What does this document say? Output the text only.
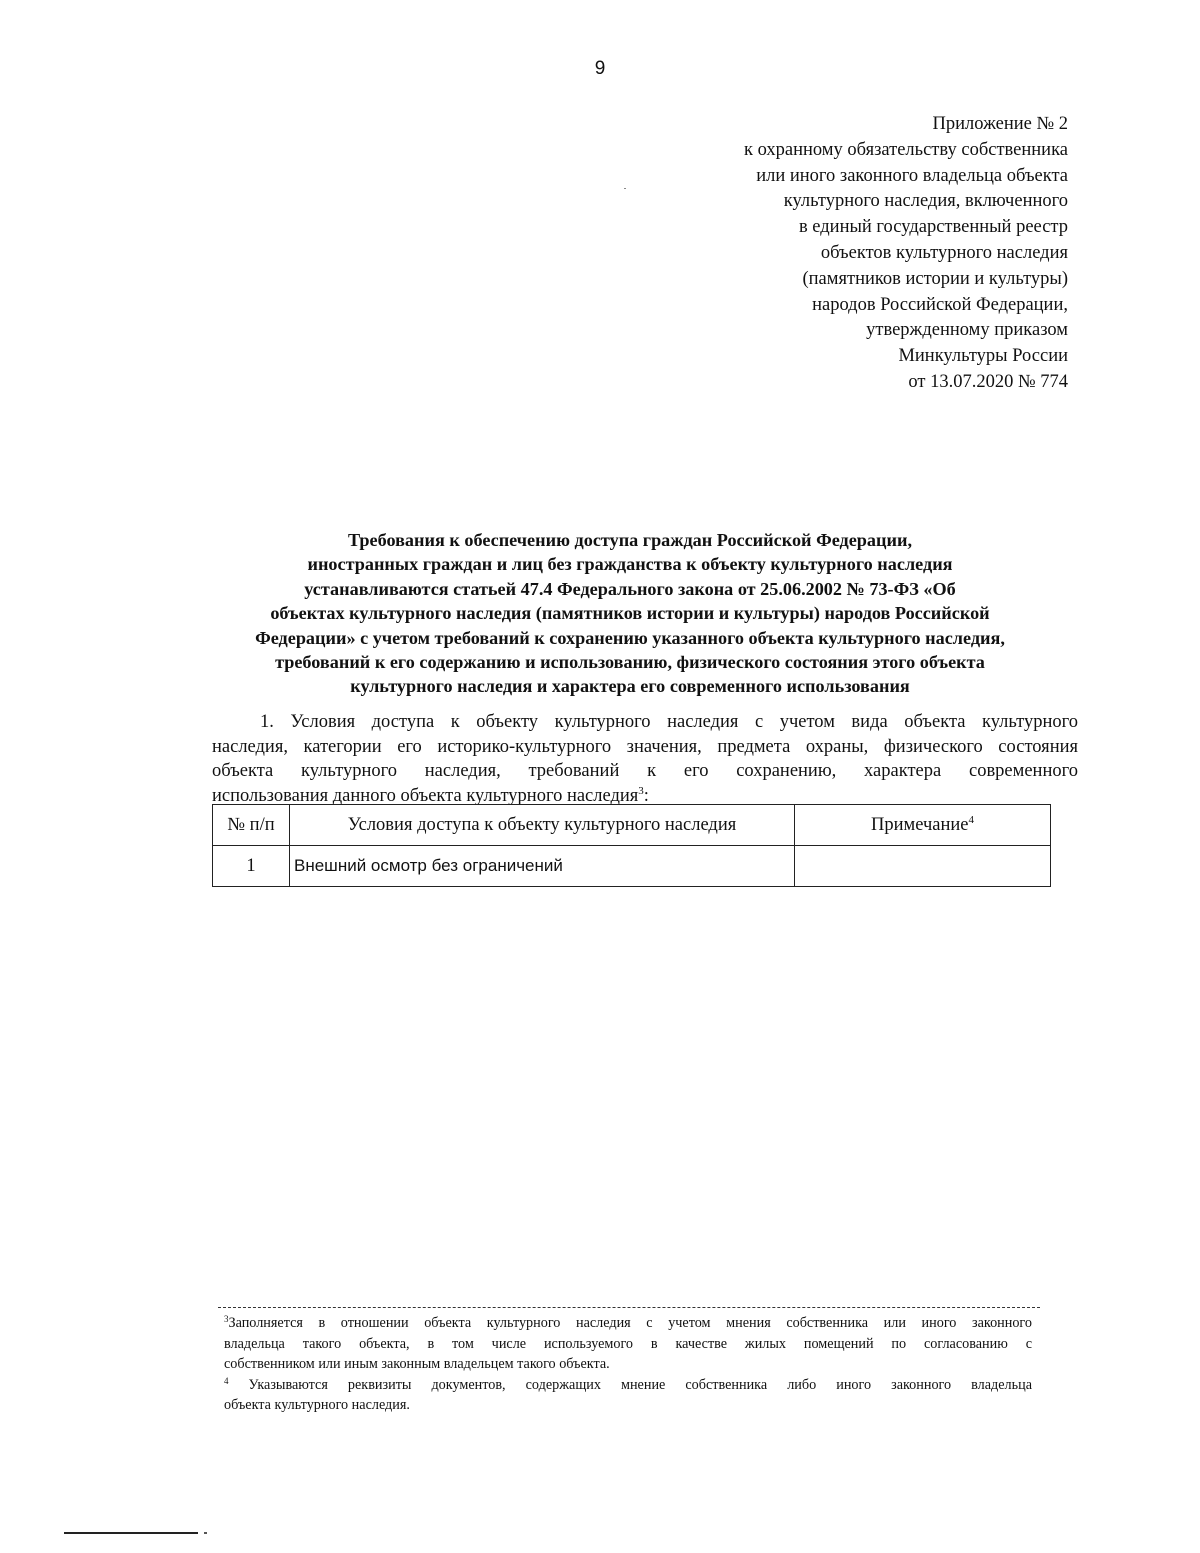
9
Приложение № 2
к охранному обязательству собственника
или иного законного владельца объекта
культурного наследия, включенного
в единый государственный реестр
объектов культурного наследия
(памятников истории и культуры)
народов Российской Федерации,
утвержденному приказом
Минкультуры России
от 13.07.2020 № 774
Требования к обеспечению доступа граждан Российской Федерации,
иностранных граждан и лиц без гражданства к объекту культурного наследия
устанавливаются статьей 47.4 Федерального закона от 25.06.2002 № 73-ФЗ «Об
объектах культурного наследия (памятников истории и культуры) народов Российской
Федерации» с учетом требований к сохранению указанного объекта культурного наследия,
требований к его содержанию и использованию, физического состояния этого объекта
культурного наследия и характера его современного использования
1. Условия доступа к объекту культурного наследия с учетом вида объекта культурного
наследия, категории его историко-культурного значения, предмета охраны, физического состояния
объекта культурного наследия, требований к его сохранению, характера современного
использования данного объекта культурного наследия$^3$:
№ п/п	Условия доступа к объекту культурного наследия	Примечание$^4$
1	Внешний осмотр без ограничений	
$^3$Заполняется в отношении объекта культурного наследия с учетом мнения собственника или иного законного
владельца такого объекта, в том числе используемого в качестве жилых помещений по согласованию с
собственником или иным законным владельцем такого объекта.
$^4$ Указываются реквизиты документов, содержащих мнение собственника либо иного законного владельца
объекта культурного наследия.
